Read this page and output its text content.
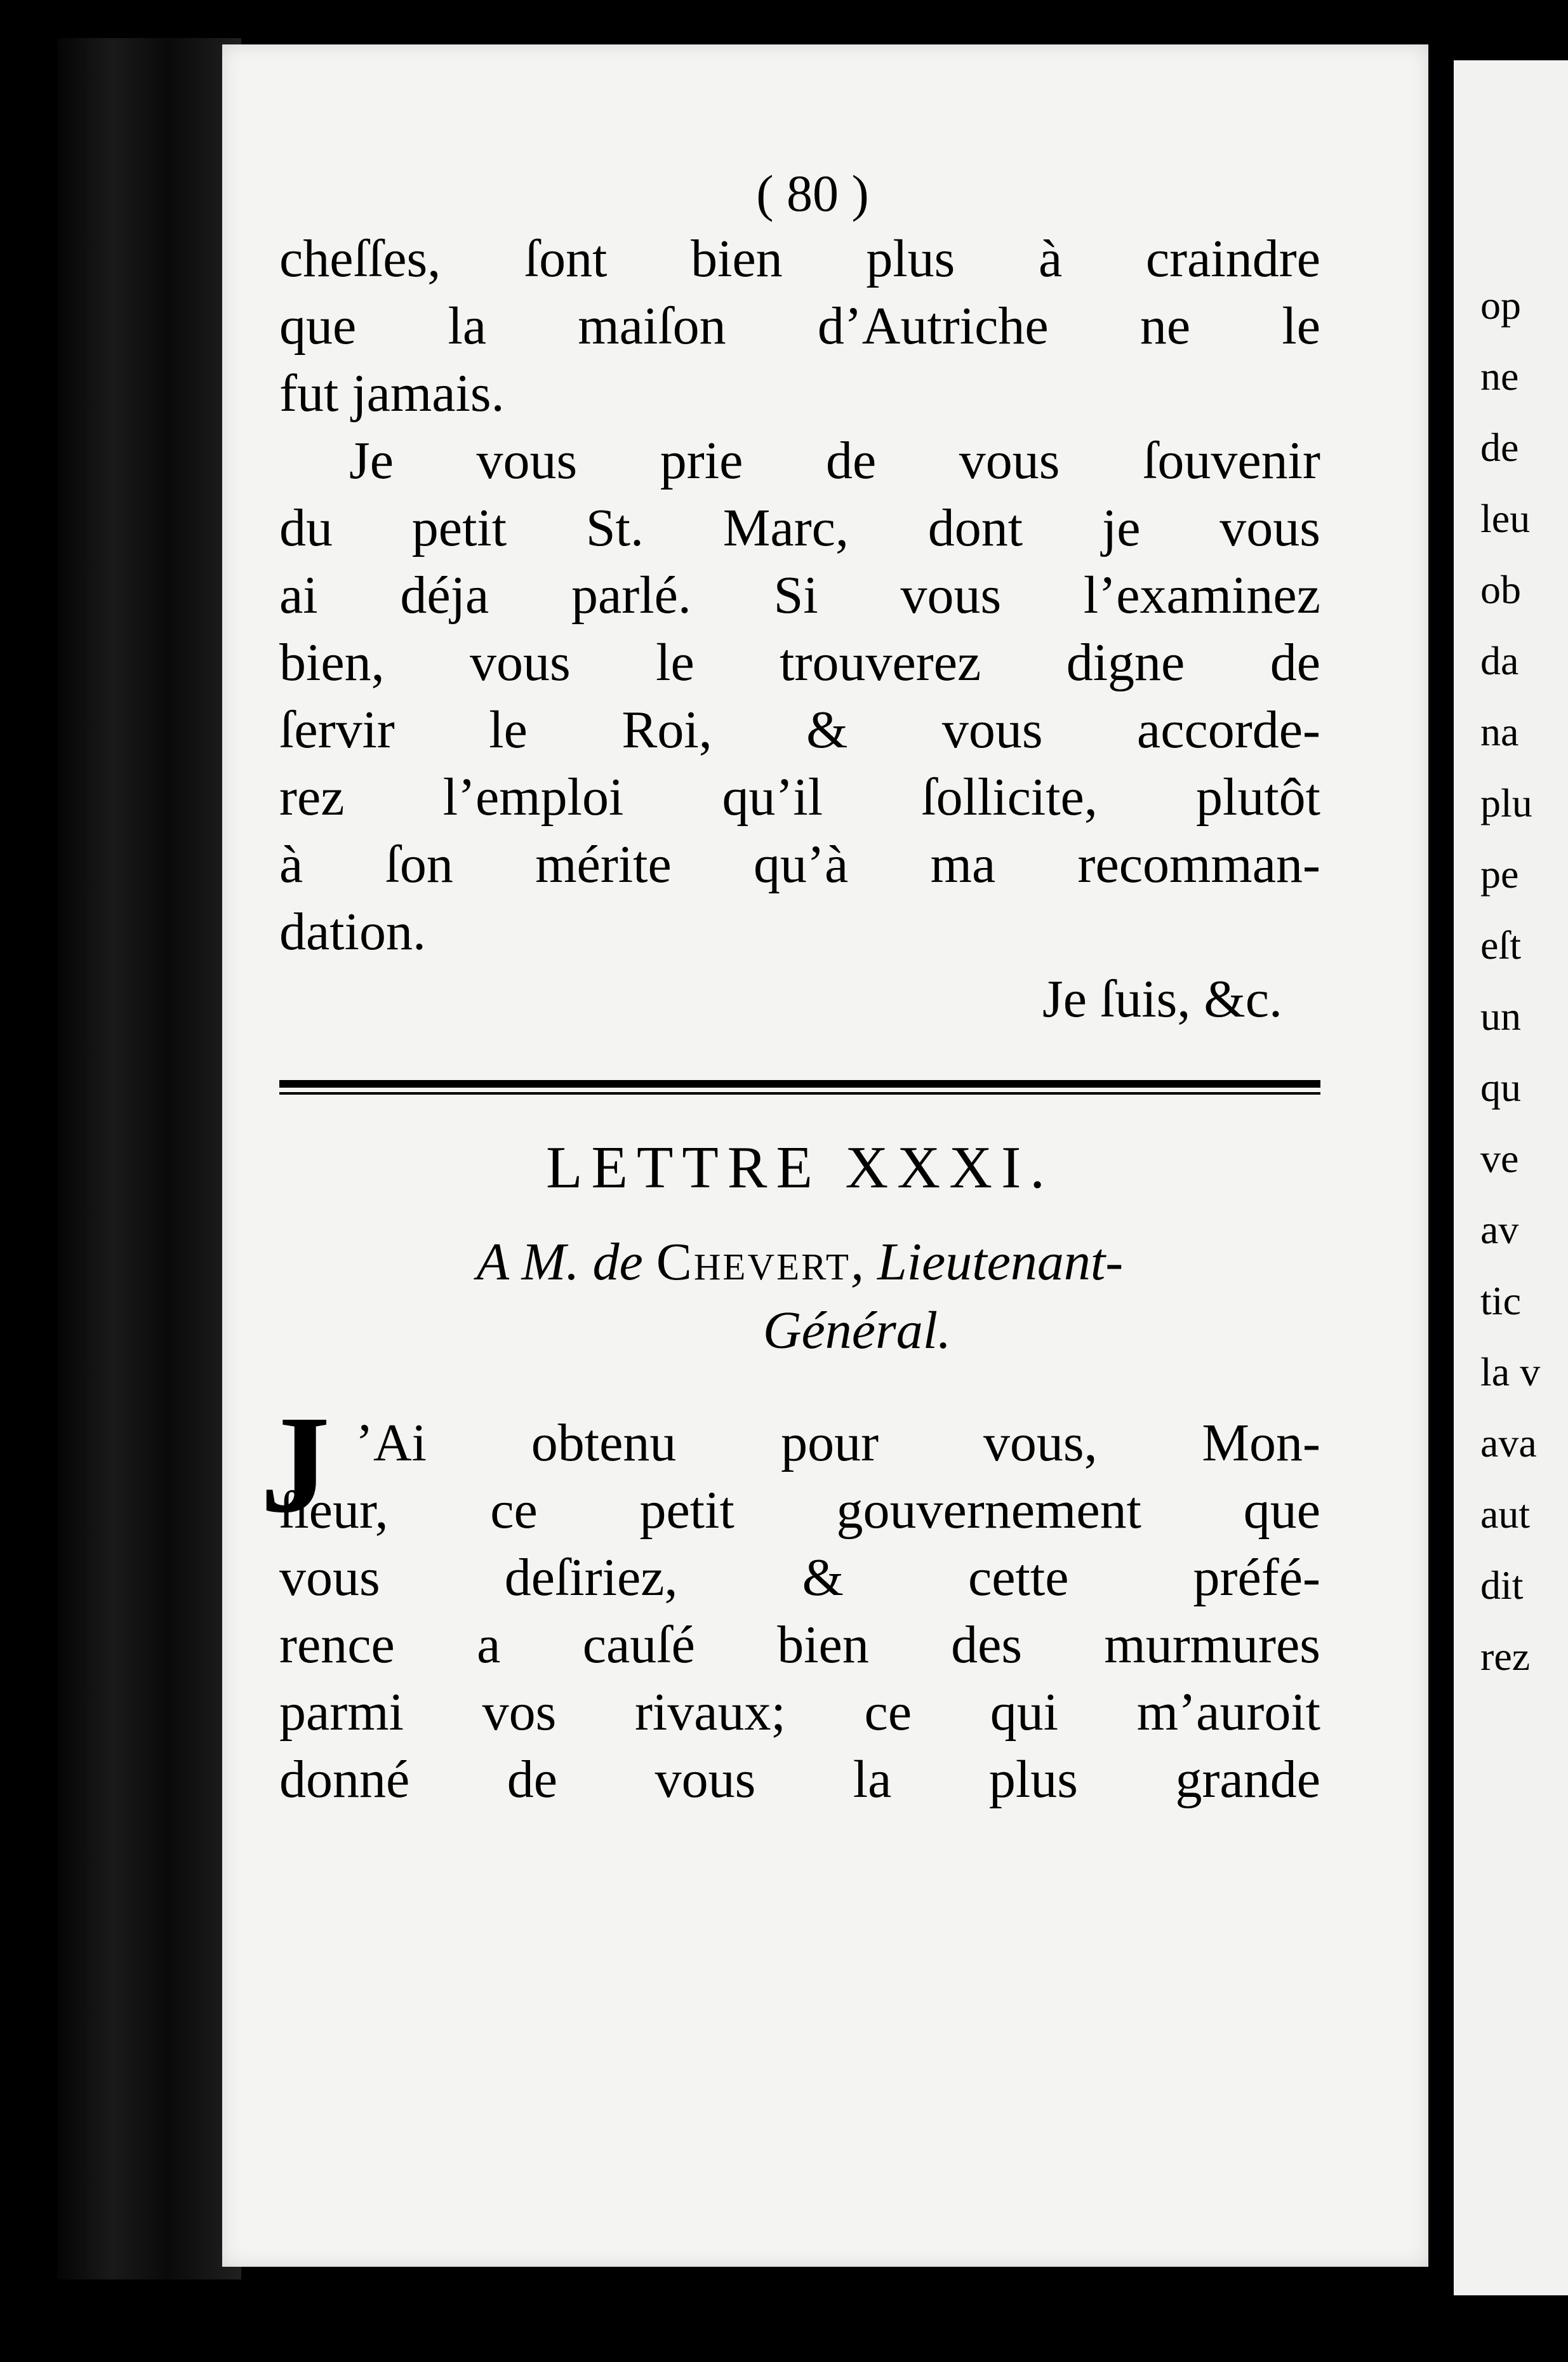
op
ne
de
leu
ob
da
na
plu
pe
eſt
un
qu
ve
av
tic
la v
ava
aut
dit
rez
( 80 )
cheſſes, ſont bien plus à craindre
que la maiſon d’Autriche ne le
fut jamais.
Je vous prie de vous ſouvenir
du petit St. Marc, dont je vous
ai déja parlé. Si vous l’examinez
bien, vous le trouverez digne de
ſervir le Roi, & vous accorde-
rez l’emploi qu’il ſollicite, plutôt
à ſon mérite qu’à ma recomman-
dation.
Je ſuis, &c.
LETTRE XXXI.
A M. de Chevert, Lieutenant-
Général.
J ’Ai obtenu pour vous, Mon-
ſieur, ce petit gouvernement que
vous deſiriez, & cette préfé-
rence a cauſé bien des murmures
parmi vos rivaux; ce qui m’auroit
donné de vous la plus grande
